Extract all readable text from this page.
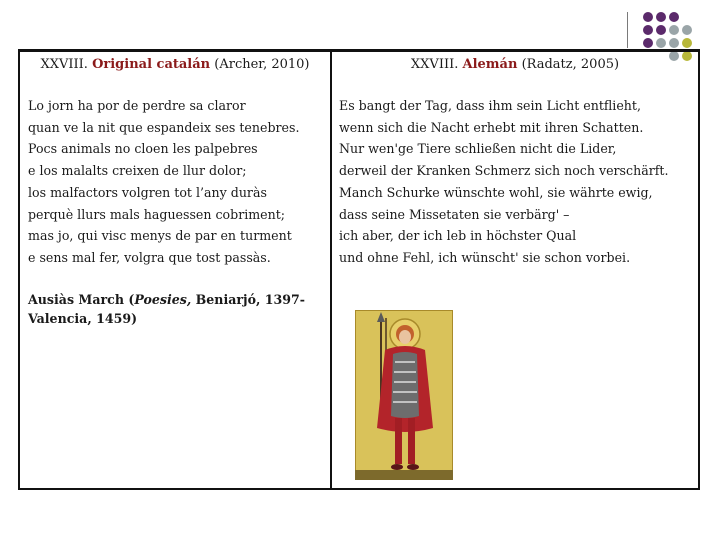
XXVIII. Original catalán (Archer, 2010)
Lo jorn ha por de perdre sa claror
quan ve la nit que espandeix ses tenebres.
Pocs animals no cloen les palpebres
e los malalts creixen de llur dolor;
los malfactors volgren tot l’any duràs
perquè llurs mals haguessen cobriment;
mas jo, qui visc menys de par en turment
e sens mal fer, volgra que tost passàs.
Ausiàs March (Poesies, Beniarjó, 1397-
Valencia, 1459)
XXVIII. Alemán (Radatz, 2005)
Es bangt der Tag, dass ihm sein Licht entflieht,
wenn sich die Nacht erhebt mit ihren Schatten.
Nur wen'ge Tiere schließen nicht die Lider,
derweil der Kranken Schmerz sich noch verschärft.
Manch Schurke wünschte wohl, sie währte ewig,
dass seine Missetaten sie verbärg' –
ich aber, der ich leb in höchster Qual
und ohne Fehl, ich wünscht' sie schon vorbei.
